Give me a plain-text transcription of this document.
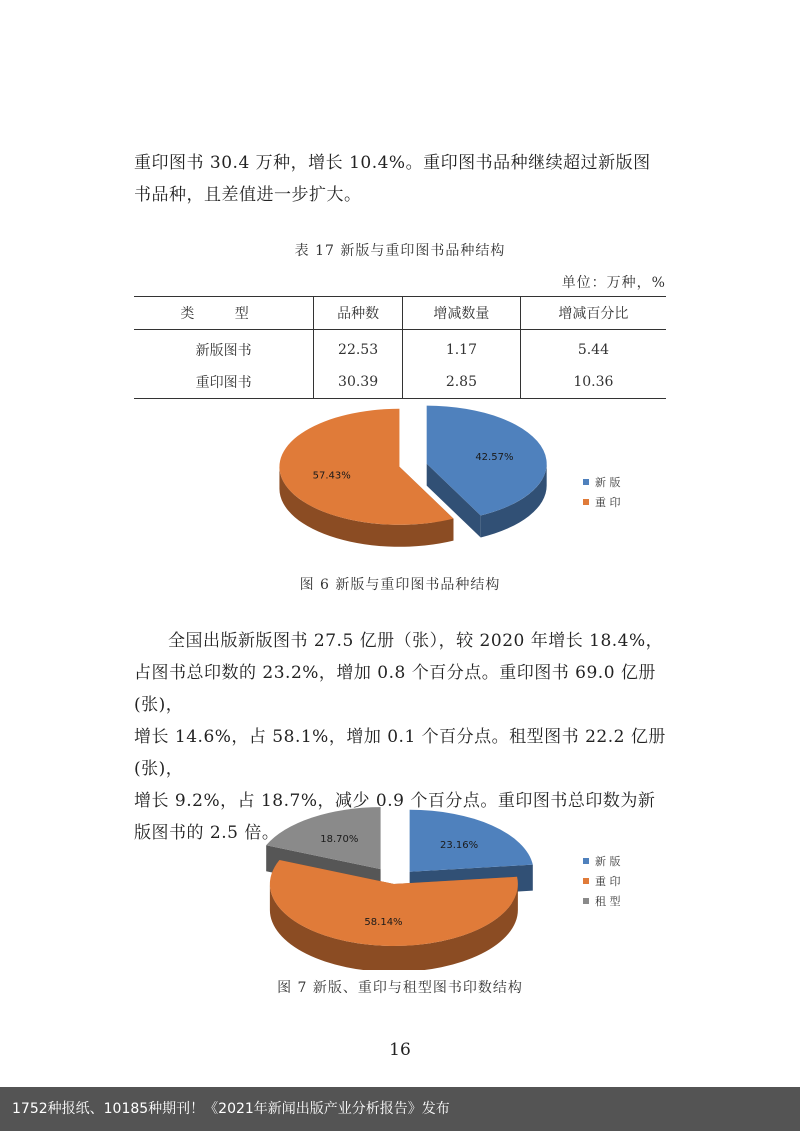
重印图书 30.4 万种，增长 10.4%。重印图书品种继续超过新版图

书品种，且差值进一步扩大。

表 17 新版与重印图书品种结构
单位：万种，%
类 型	品种数	增减数量	增减百分比
新版图书	22.53	1.17	5.44
重印图书	30.39	2.85	10.36
42.57%
57.43%	新 版
重 印
图 6 新版与重印图书品种结构

全国出版新版图书 27.5 亿册（张），较 2020 年增长 18.4%，

占图书总印数的 23.2%，增加 0.8 个百分点。重印图书 69.0 亿册(张)，

增长 14.6%，占 58.1%，增加 0.1 个百分点。租型图书 22.2 亿册(张)，

增长 9.2%，占 18.7%，减少 0.9 个百分点。重印图书总印数为新

版图书的 2.5 倍。

23.16%
58.14%
18.70%
新 版
重 印
租 型
图 7 新版、重印与租型图书印数结构
16
1752种报纸、10185种期刊！《2021年新闻出版产业分析报告》发布
